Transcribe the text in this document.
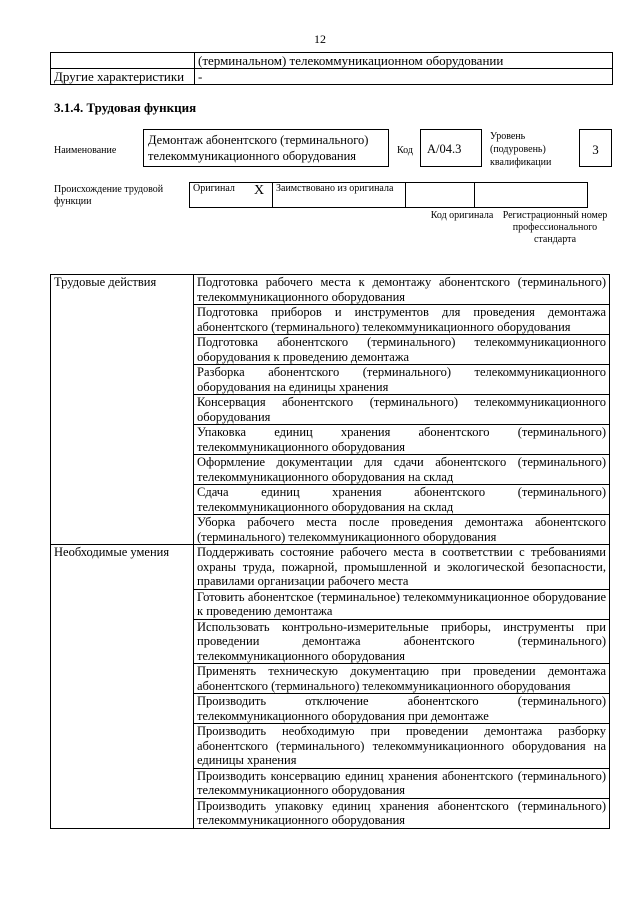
12
	(терминальном) телекоммуникационном оборудовании
Другие характеристики	-
3.1.4. Трудовая функция
Наименование
Демонтаж абонентского (терминального) телекоммуникационного оборудования	Код	A/04.3
Уровень (подуровень) квалификации
3
Происхождение трудовой функции
Оригинал	X	Заимствовано из оригинала		
Код оригинала Регистрационный номер профессионального стандарта
Трудовые действия	Подготовка рабочего места к демонтажу абонентского (терминального) телекоммуникационного оборудования
	Подготовка приборов и инструментов для проведения демонтажа абонентского (терминального) телекоммуникационного оборудования
	Подготовка абонентского (терминального) телекоммуникационного оборудования к проведению демонтажа
	Разборка абонентского (терминального) телекоммуникационного оборудования на единицы хранения
	Консервация абонентского (терминального) телекоммуникационного оборудования
	Упаковка единиц хранения абонентского (терминального) телекоммуникационного оборудования
	Оформление документации для сдачи абонентского (терминального) телекоммуникационного оборудования на склад
	Сдача единиц хранения абонентского (терминального) телекоммуникационного оборудования на склад
	Уборка рабочего места после проведения демонтажа абонентского (терминального) телекоммуникационного оборудования
Необходимые умения	Поддерживать состояние рабочего места в соответствии с требованиями охраны труда, пожарной, промышленной и экологической безопасности, правилами организации рабочего места
	Готовить абонентское (терминальное) телекоммуникационное оборудование к проведению демонтажа
	Использовать контрольно-измерительные приборы, инструменты при проведении демонтажа абонентского (терминального) телекоммуникационного оборудования
	Применять техническую документацию при проведении демонтажа абонентского (терминального) телекоммуникационного оборудования
	Производить отключение абонентского (терминального) телекоммуникационного оборудования при демонтаже
	Производить необходимую при проведении демонтажа разборку абонентского (терминального) телекоммуникационного оборудования на единицы хранения
	Производить консервацию единиц хранения абонентского (терминального) телекоммуникационного оборудования
	Производить упаковку единиц хранения абонентского (терминального) телекоммуникационного оборудования
